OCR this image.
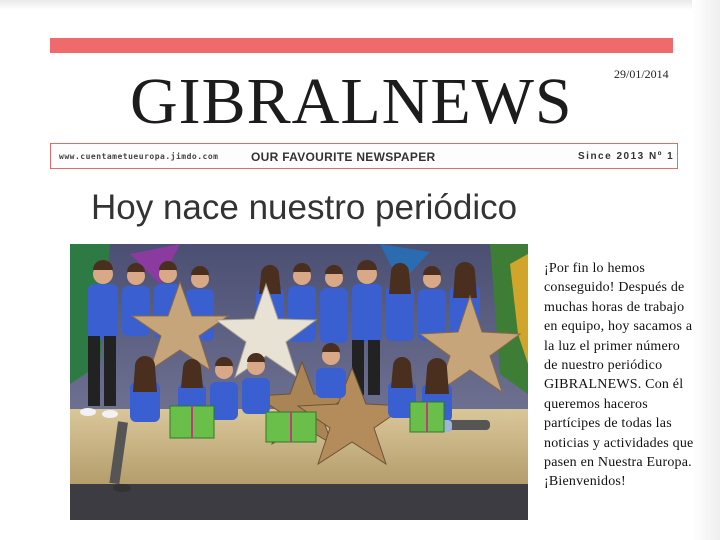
GIBRALNEWS	29/01/2014
www.cuentametueuropa.jimdo.com	OUR FAVOURITE NEWSPAPER	Since 2013 Nº 1
Hoy nace nuestro periódico
¡Por fin lo hemos conseguido! Después de muchas horas de trabajo en equipo, hoy sacamos a la luz el primer número de nuestro periódico GIBRALNEWS. Con él queremos haceros partícipes de todas las noticias y actividades que pasen en Nuestra Europa. ¡Bienvenidos!
